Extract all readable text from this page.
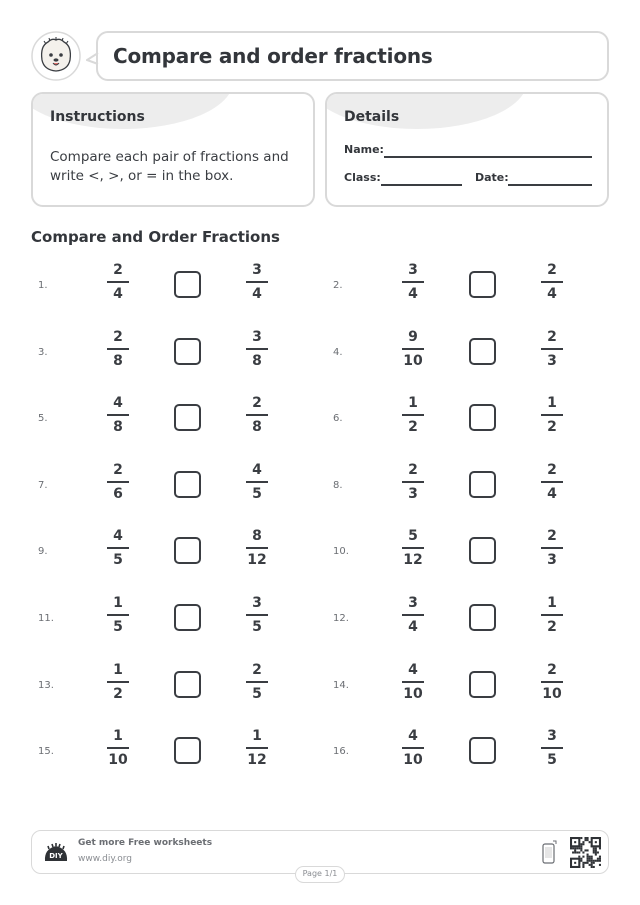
Compare and order fractions
Instructions
Compare each pair of fractions and write <, >, or = in the box.
Details
Name:
Class:	Date:
Compare and Order Fractions
1.
2
4
3
4
2.
3
4
2
4
3.
2
8
3
8
4.
9
10
2
3
5.
4
8
2
8
6.
1
2
1
2
7.
2
6
4
5
8.
2
3
2
4
9.
4
5
8
12
10.
5
12
2
3
11.
1
5
3
5
12.
3
4
1
2
13.
1
2
2
5
14.
4
10
2
10
15.
1
10
1
12
16.
4
10
3
5
DIY
Get more Free worksheets
www.diy.org
Page 1/1
